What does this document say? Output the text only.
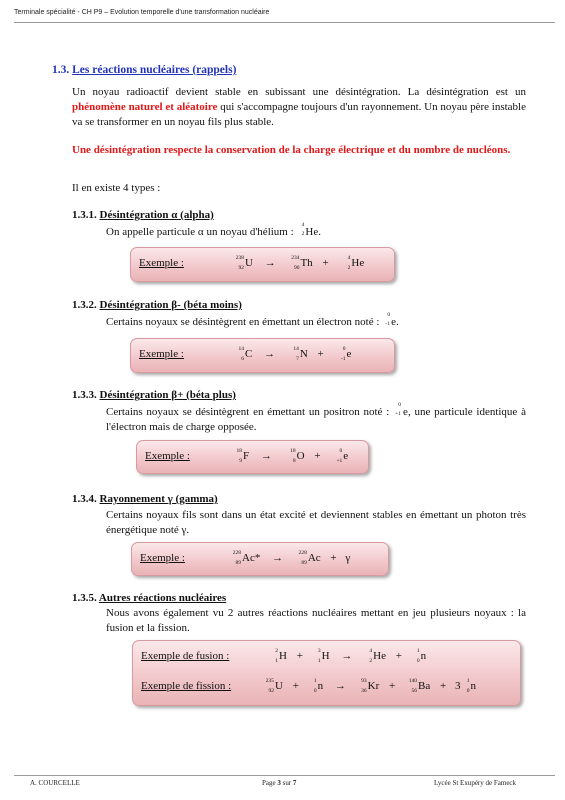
Terminale spécialité - CH P9 – Evolution temporelle d'une transformation nucléaire
1.3. Les réactions nucléaires (rappels)
Un noyau radioactif devient stable en subissant une désintégration. La désintégration est un phénomène naturel et aléatoire qui s'accompagne toujours d'un rayonnement. Un noyau père instable va se transformer en un noyau fils plus stable.
Une désintégration respecte la conservation de la charge électrique et du nombre de nucléons.
Il en existe 4 types :
1.3.1. Désintégration α (alpha)
On appelle particule α un noyau d'hélium :
4
2 He.
Exemple :	238
92 U →	234
90 Th +	4
2 He
1.3.2. Désintégration β- (béta moins)
Certains noyaux se désintègrent en émettant un électron noté :
0
-1 e.
Exemple :	14
6 C →	14
7 N +	0
-1 e
1.3.3. Désintégration β+ (béta plus)
Certains noyaux se désintègrent en émettant un positron noté :
0
+1 e, une particule identique à l'électron mais de charge opposée.
Exemple :	18
9 F →	18
8 O +	0
+1 e
1.3.4. Rayonnement γ (gamma)
Certains noyaux fils sont dans un état excité et deviennent stables en émettant un photon très énergétique noté γ.
Exemple :	228
89 Ac* →	228
89 Ac + γ
1.3.5. Autres réactions nucléaires
Nous avons également vu 2 autres réactions nucléaires mettant en jeu plusieurs noyaux : la fusion et la fission.
Exemple de fusion :	2
1 H +	3
1 H →	4
2 He +	1
0 n
Exemple de fission :	235
92 U +	1
0 n →	93
36 Kr +	140
56 Ba + 3	1
0 n
A. COURCELLE	Page 3 sur 7	Lycée St Exupéry de Fameck
